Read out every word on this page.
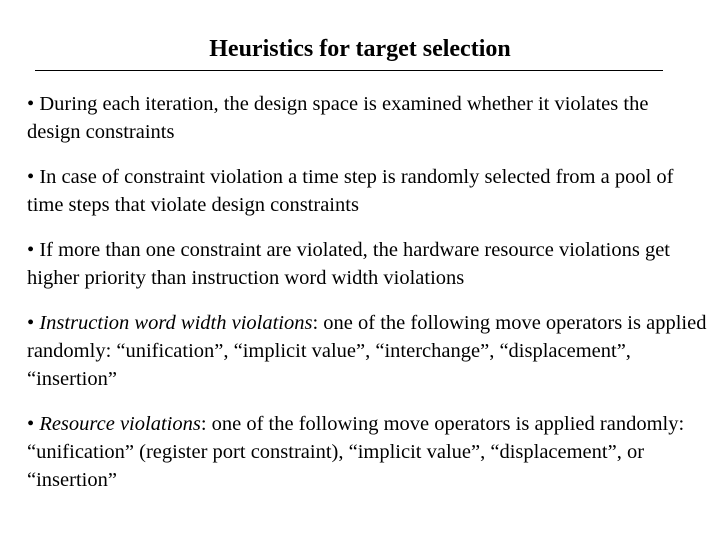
Heuristics for target selection
• During each iteration, the design space is examined whether it violates the design constraints
• In case of constraint violation a time step is randomly selected from a pool of time steps that violate design constraints
• If more than one constraint are violated, the hardware resource violations get higher priority than instruction word width violations
• Instruction word width violations: one of the following move operators is applied randomly: “unification”, “implicit value”, “interchange”, “displacement”, “insertion”
• Resource violations: one of the following move operators is applied randomly: “unification” (register port constraint), “implicit value”, “displacement”, or “insertion”
